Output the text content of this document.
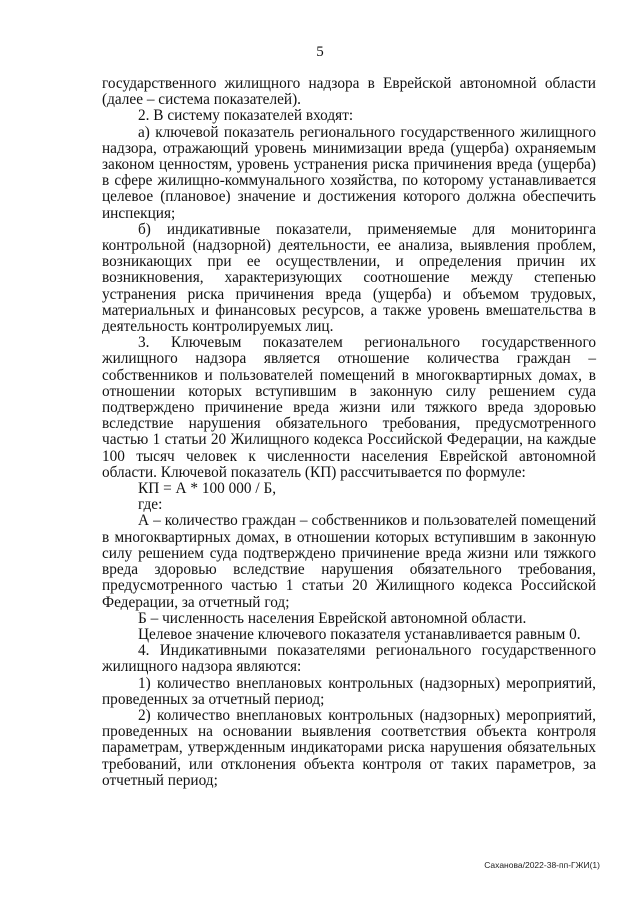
5

государственного жилищного надзора в Еврейской автономной области (далее – система показателей).

2. В систему показателей входят:

а) ключевой показатель регионального государственного жилищного надзора, отражающий уровень минимизации вреда (ущерба) охраняемым законом ценностям, уровень устранения риска причинения вреда (ущерба) в сфере жилищно-коммунального хозяйства, по которому устанавливается целевое (плановое) значение и достижения которого должна обеспечить инспекция;

б) индикативные показатели, применяемые для мониторинга контрольной (надзорной) деятельности, ее анализа, выявления проблем, возникающих при ее осуществлении, и определения причин их возникновения, характеризующих соотношение между степенью устранения риска причинения вреда (ущерба) и объемом трудовых, материальных и финансовых ресурсов, а также уровень вмешательства в деятельность контролируемых лиц.

3. Ключевым показателем регионального государственного жилищного надзора является отношение количества граждан – собственников и пользователей помещений в многоквартирных домах, в отношении которых вступившим в законную силу решением суда подтверждено причинение вреда жизни или тяжкого вреда здоровью вследствие нарушения обязательного требования, предусмотренного частью 1 статьи 20 Жилищного кодекса Российской Федерации, на каждые 100 тысяч человек к численности населения Еврейской автономной области. Ключевой показатель (КП) рассчитывается по формуле:

КП = А * 100 000 / Б,

где:

А – количество граждан – собственников и пользователей помещений в многоквартирных домах, в отношении которых вступившим в законную силу решением суда подтверждено причинение вреда жизни или тяжкого вреда здоровью вследствие нарушения обязательного требования, предусмотренного частью 1 статьи 20 Жилищного кодекса Российской Федерации, за отчетный год;

Б – численность населения Еврейской автономной области.

Целевое значение ключевого показателя устанавливается равным 0.

4. Индикативными показателями регионального государственного жилищного надзора являются:

1) количество внеплановых контрольных (надзорных) мероприятий, проведенных за отчетный период;

2) количество внеплановых контрольных (надзорных) мероприятий, проведенных на основании выявления соответствия объекта контроля параметрам, утвержденным индикаторами риска нарушения обязательных требований, или отклонения объекта контроля от таких параметров, за отчетный период;

Саханова/2022-38-пп-ГЖИ(1)
